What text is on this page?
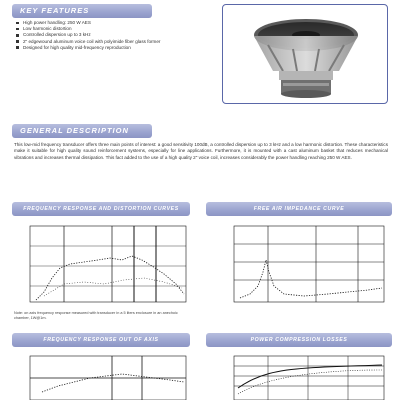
KEY FEATURES
High power handling: 250 W AES
Low harmonic distortion
Controlled dispersion up to 3 kHz
2" edgewound aluminum voice coil with polyimide fiber glass former
Designed for high quality mid-frequency reproduction
GENERAL DESCRIPTION

This low-mid frequency transducer offers three main points of interest: a good sensitivity 100dB, a controlled dispersion up to 3 kHz and a low harmonic distortion. These characteristics make it suitable for high quality sound reinforcement systems, especially for line applications. Furthermore, it is mounted with a cast aluminum basket that reduces mechanical vibrations and increases thermal dissipation. This fact added to the use of a high quality 2" voice coil, increases considerably the power handling reaching 250 W AES.

FREQUENCY RESPONSE AND DISTORTION CURVES
Note: on axis frequency response measured with transducer in a 5 liters enclosure in an anechoic chamber, 1W@1m.
FREE AIR IMPEDANCE CURVE
FREQUENCY RESPONSE OUT OF AXIS	POWER COMPRESSION LOSSES
